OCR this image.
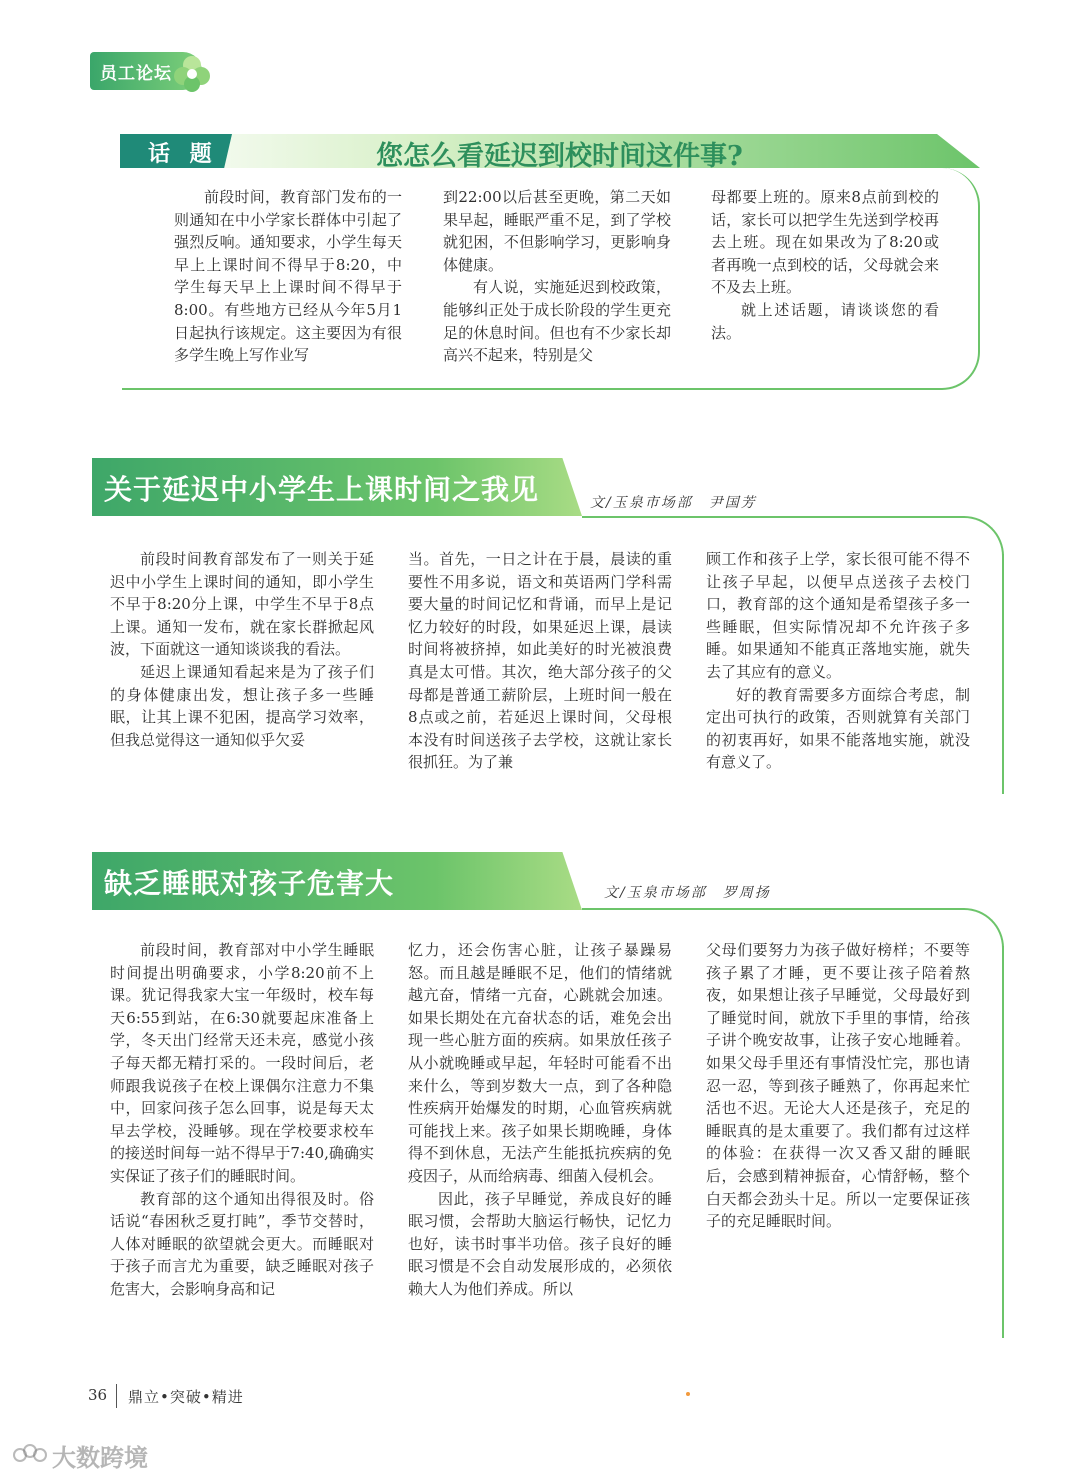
员工论坛
话 题	您怎么看延迟到校时间这件事?

前段时间，教育部门发布的一则通知在中小学家长群体中引起了强烈反响。通知要求，小学生每天早上上课时间不得早于8:20，中学生每天早上上课时间不得早于8:00。有些地方已经从今年5月1日起执行该规定。这主要因为有很多学生晚上写作业写

到22:00以后甚至更晚，第二天如果早起，睡眠严重不足，到了学校就犯困，不但影响学习，更影响身体健康。

有人说，实施延迟到校政策，能够纠正处于成长阶段的学生更充足的休息时间。但也有不少家长却高兴不起来，特别是父

母都要上班的。原来8点前到校的话，家长可以把学生先送到学校再去上班。现在如果改为了8:20或者再晚一点到校的话，父母就会来不及去上班。

就上述话题，请谈谈您的看法。

关于延迟中小学生上课时间之我见	文/玉泉市场部　尹国芳

前段时间教育部发布了一则关于延迟中小学生上课时间的通知，即小学生不早于8:20分上课，中学生不早于8点上课。通知一发布，就在家长群掀起风波，下面就这一通知谈谈我的看法。

延迟上课通知看起来是为了孩子们的身体健康出发，想让孩子多一些睡眠，让其上课不犯困，提高学习效率，但我总觉得这一通知似乎欠妥

当。首先，一日之计在于晨，晨读的重要性不用多说，语文和英语两门学科需要大量的时间记忆和背诵，而早上是记忆力较好的时段，如果延迟上课，晨读时间将被挤掉，如此美好的时光被浪费真是太可惜。其次，绝大部分孩子的父母都是普通工薪阶层，上班时间一般在8点或之前，若延迟上课时间，父母根本没有时间送孩子去学校，这就让家长很抓狂。为了兼

顾工作和孩子上学，家长很可能不得不让孩子早起，以便早点送孩子去校门口，教育部的这个通知是希望孩子多一些睡眠，但实际情况却不允许孩子多睡。如果通知不能真正落地实施，就失去了其应有的意义。

好的教育需要多方面综合考虑，制定出可执行的政策，否则就算有关部门的初衷再好，如果不能落地实施，就没有意义了。

缺乏睡眠对孩子危害大	文/玉泉市场部　罗周扬

前段时间，教育部对中小学生睡眠时间提出明确要求，小学8:20前不上课。犹记得我家大宝一年级时，校车每天6:55到站，在6:30就要起床准备上学，冬天出门经常天还未亮，感觉小孩子每天都无精打采的。一段时间后，老师跟我说孩子在校上课偶尔注意力不集中，回家问孩子怎么回事，说是每天太早去学校，没睡够。现在学校要求校车的接送时间每一站不得早于7:40,确确实实保证了孩子们的睡眠时间。

教育部的这个通知出得很及时。俗话说“春困秋乏夏打盹”，季节交替时，人体对睡眠的欲望就会更大。而睡眠对于孩子而言尤为重要，缺乏睡眠对孩子危害大，会影响身高和记

忆力，还会伤害心脏，让孩子暴躁易怒。而且越是睡眠不足，他们的情绪就越亢奋，情绪一亢奋，心跳就会加速。如果长期处在亢奋状态的话，难免会出现一些心脏方面的疾病。如果放任孩子从小就晚睡或早起，年轻时可能看不出来什么，等到岁数大一点，到了各种隐性疾病开始爆发的时期，心血管疾病就可能找上来。孩子如果长期晚睡，身体得不到休息，无法产生能抵抗疾病的免疫因子，从而给病毒、细菌入侵机会。

因此，孩子早睡觉，养成良好的睡眠习惯，会帮助大脑运行畅快，记忆力也好，读书时事半功倍。孩子良好的睡眠习惯是不会自动发展形成的，必须依赖大人为他们养成。所以

父母们要努力为孩子做好榜样；不要等孩子累了才睡，更不要让孩子陪着熬夜，如果想让孩子早睡觉，父母最好到了睡觉时间，就放下手里的事情，给孩子讲个晚安故事，让孩子安心地睡着。如果父母手里还有事情没忙完，那也请忍一忍，等到孩子睡熟了，你再起来忙活也不迟。无论大人还是孩子，充足的睡眠真的是太重要了。我们都有过这样的体验：在获得一次又香又甜的睡眠后，会感到精神振奋，心情舒畅，整个白天都会劲头十足。所以一定要保证孩子的充足睡眠时间。

36 鼎立•突破•精进
大数跨境
